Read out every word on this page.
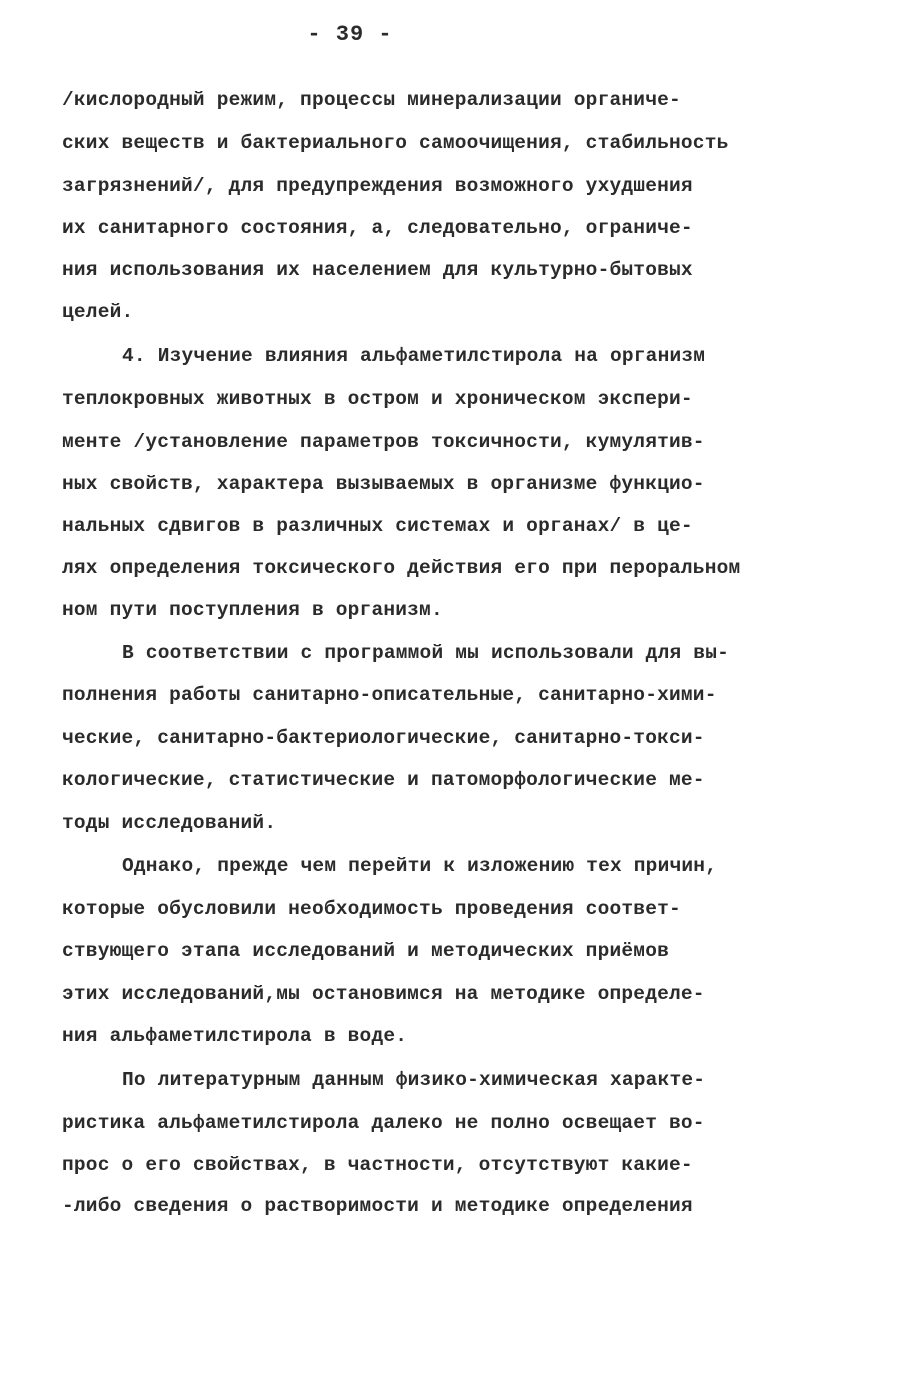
- 39 -
/кислородный режим, процессы минерализации органиче-
ских веществ и бактериального самоочищения, стабильность
загрязнений/, для предупреждения возможного ухудшения
их санитарного состояния, а, следовательно, ограниче-
ния использования их населением для культурно-бытовых
целей.
4. Изучение влияния альфаметилстирола на организм
теплокровных животных в остром и хроническом экспери-
менте /установление параметров токсичности, кумулятив-
ных свойств, характера вызываемых в организме функцио-
нальных сдвигов в различных системах и органах/ в це-
лях определения токсического действия его при пероральном
ном пути поступления в организм.
В соответствии с программой мы использовали для вы-
полнения работы санитарно-описательные, санитарно-хими-
ческие, санитарно-бактериологические, санитарно-токси-
кологические, статистические и патоморфологические ме-
тоды исследований.
Однако, прежде чем перейти к изложению тех причин,
которые обусловили необходимость проведения соответ-
ствующего этапа исследований и методических приёмов
этих исследований,мы остановимся на методике определе-
ния альфаметилстирола в воде.
По литературным данным физико-химическая характе-
ристика альфаметилстирола далеко не полно освещает во-
прос о его свойствах, в частности, отсутствуют какие-
-либо сведения о растворимости и методике определения
